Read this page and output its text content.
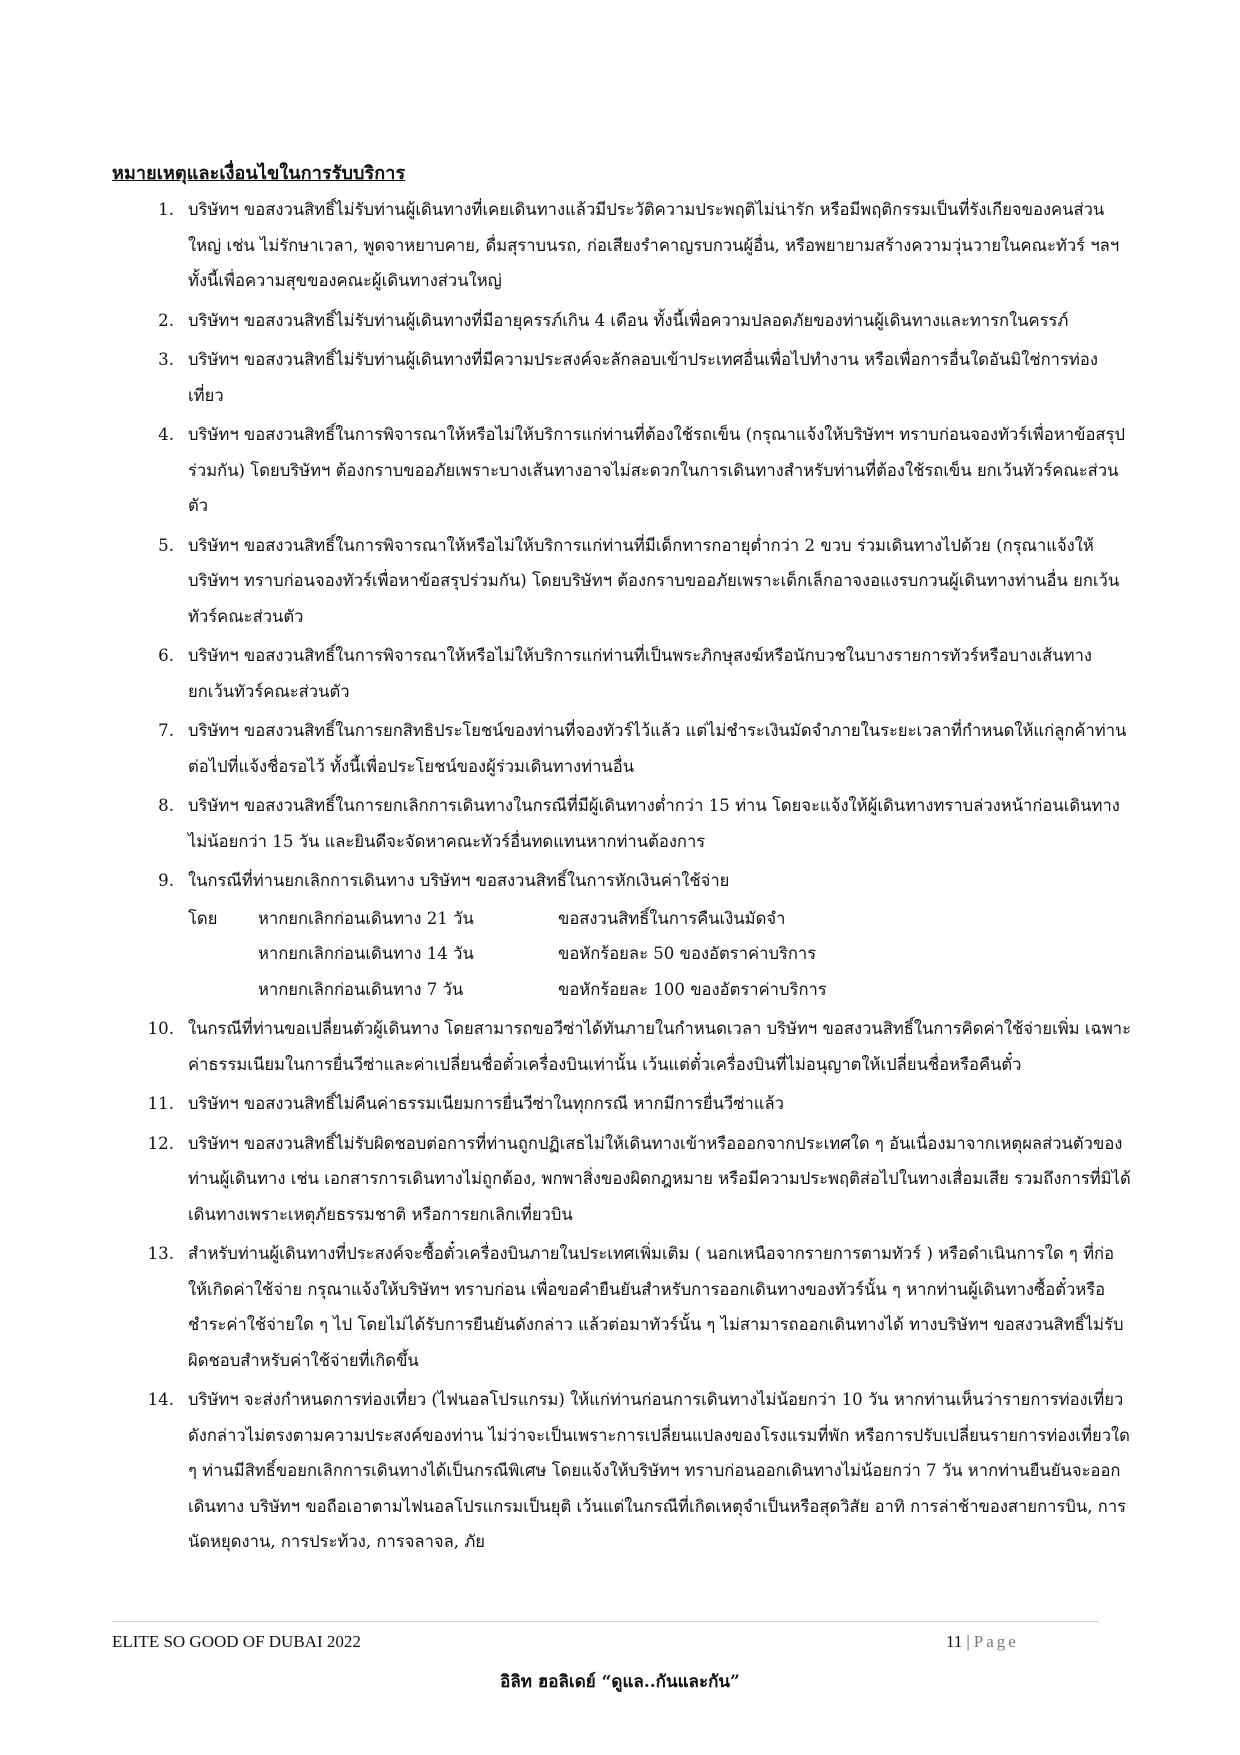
หมายเหตุและเงื่อนไขในการรับบริการ
1. บริษัทฯ ขอสงวนสิทธิ์ไม่รับท่านผู้เดินทางที่เคยเดินทางแล้วมีประวัติความประพฤติไม่น่ารัก หรือมีพฤติกรรมเป็นที่รังเกียจของคนส่วนใหญ่ เช่น ไม่รักษาเวลา, พูดจาหยาบคาย, ดื่มสุราบนรถ, ก่อเสียงรำคาญรบกวนผู้อื่น, หรือพยายามสร้างความวุ่นวายในคณะทัวร์ ฯลฯ ทั้งนี้เพื่อความสุขของคณะผู้เดินทางส่วนใหญ่
2. บริษัทฯ ขอสงวนสิทธิ์ไม่รับท่านผู้เดินทางที่มีอายุครรภ์เกิน 4 เดือน ทั้งนี้เพื่อความปลอดภัยของท่านผู้เดินทางและทารกในครรภ์
3. บริษัทฯ ขอสงวนสิทธิ์ไม่รับท่านผู้เดินทางที่มีความประสงค์จะลักลอบเข้าประเทศอื่นเพื่อไปทำงาน หรือเพื่อการอื่นใดอันมิใช่การท่องเที่ยว
4. บริษัทฯ ขอสงวนสิทธิ์ในการพิจารณาให้หรือไม่ให้บริการแก่ท่านที่ต้องใช้รถเข็น (กรุณาแจ้งให้บริษัทฯ ทราบก่อนจองทัวร์เพื่อหาข้อสรุปร่วมกัน) โดยบริษัทฯ ต้องกราบขออภัยเพราะบางเส้นทางอาจไม่สะดวกในการเดินทางสำหรับท่านที่ต้องใช้รถเข็น ยกเว้นทัวร์คณะส่วนตัว
5. บริษัทฯ ขอสงวนสิทธิ์ในการพิจารณาให้หรือไม่ให้บริการแก่ท่านที่มีเด็กทารกอายุต่ำกว่า 2 ขวบ ร่วมเดินทางไปด้วย (กรุณาแจ้งให้บริษัทฯ ทราบก่อนจองทัวร์เพื่อหาข้อสรุปร่วมกัน) โดยบริษัทฯ ต้องกราบขออภัยเพราะเด็กเล็กอาจงอแงรบกวนผู้เดินทางท่านอื่น ยกเว้นทัวร์คณะส่วนตัว
6. บริษัทฯ ขอสงวนสิทธิ์ในการพิจารณาให้หรือไม่ให้บริการแก่ท่านที่เป็นพระภิกษุสงฆ์หรือนักบวชในบางรายการทัวร์หรือบางเส้นทาง ยกเว้นทัวร์คณะส่วนตัว
7. บริษัทฯ ขอสงวนสิทธิ์ในการยกสิทธิประโยชน์ของท่านที่จองทัวร์ไว้แล้ว แต่ไม่ชำระเงินมัดจำภายในระยะเวลาที่กำหนดให้แก่ลูกค้าท่านต่อไปที่แจ้งชื่อรอไว้ ทั้งนี้เพื่อประโยชน์ของผู้ร่วมเดินทางท่านอื่น
8. บริษัทฯ ขอสงวนสิทธิ์ในการยกเลิกการเดินทางในกรณีที่มีผู้เดินทางต่ำกว่า 15 ท่าน โดยจะแจ้งให้ผู้เดินทางทราบล่วงหน้าก่อนเดินทางไม่น้อยกว่า 15 วัน และยินดีจะจัดหาคณะทัวร์อื่นทดแทนหากท่านต้องการ
9. ในกรณีที่ท่านยกเลิกการเดินทาง บริษัทฯ ขอสงวนสิทธิ์ในการหักเงินค่าใช้จ่าย
โดย	หากยกเลิกก่อนเดินทาง 21 วัน	ขอสงวนสิทธิ์ในการคืนเงินมัดจำ
หากยกเลิกก่อนเดินทาง 14 วัน	ขอหักร้อยละ 50 ของอัตราค่าบริการ
หากยกเลิกก่อนเดินทาง 7 วัน	ขอหักร้อยละ 100 ของอัตราค่าบริการ
10. ในกรณีที่ท่านขอเปลี่ยนตัวผู้เดินทาง โดยสามารถขอวีซ่าได้ทันภายในกำหนดเวลา บริษัทฯ ขอสงวนสิทธิ์ในการคิดค่าใช้จ่ายเพิ่ม เฉพาะค่าธรรมเนียมในการยื่นวีซ่าและค่าเปลี่ยนชื่อตั๋วเครื่องบินเท่านั้น เว้นแต่ตั๋วเครื่องบินที่ไม่อนุญาตให้เปลี่ยนชื่อหรือคืนตั๋ว
11. บริษัทฯ ขอสงวนสิทธิ์ไม่คืนค่าธรรมเนียมการยื่นวีซ่าในทุกกรณี หากมีการยื่นวีซ่าแล้ว
12. บริษัทฯ ขอสงวนสิทธิ์ไม่รับผิดชอบต่อการที่ท่านถูกปฏิเสธไม่ให้เดินทางเข้าหรือออกจากประเทศใด ๆ อันเนื่องมาจากเหตุผลส่วนตัวของท่านผู้เดินทาง เช่น เอกสารการเดินทางไม่ถูกต้อง, พกพาสิ่งของผิดกฎหมาย หรือมีความประพฤติส่อไปในทางเสื่อมเสีย รวมถึงการที่มิได้เดินทางเพราะเหตุภัยธรรมชาติ หรือการยกเลิกเที่ยวบิน
13. สำหรับท่านผู้เดินทางที่ประสงค์จะซื้อตั๋วเครื่องบินภายในประเทศเพิ่มเติม ( นอกเหนือจากรายการตามทัวร์ ) หรือดำเนินการใด ๆ ที่ก่อให้เกิดค่าใช้จ่าย กรุณาแจ้งให้บริษัทฯ ทราบก่อน เพื่อขอคำยืนยันสำหรับการออกเดินทางของทัวร์นั้น ๆ หากท่านผู้เดินทางซื้อตั๋วหรือชำระค่าใช้จ่ายใด ๆ ไป โดยไม่ได้รับการยืนยันดังกล่าว แล้วต่อมาทัวร์นั้น ๆ ไม่สามารถออกเดินทางได้ ทางบริษัทฯ ขอสงวนสิทธิ์ไม่รับผิดชอบสำหรับค่าใช้จ่ายที่เกิดขึ้น
14. บริษัทฯ จะส่งกำหนดการท่องเที่ยว (ไฟนอลโปรแกรม) ให้แก่ท่านก่อนการเดินทางไม่น้อยกว่า 10 วัน หากท่านเห็นว่ารายการท่องเที่ยวดังกล่าวไม่ตรงตามความประสงค์ของท่าน ไม่ว่าจะเป็นเพราะการเปลี่ยนแปลงของโรงแรมที่พัก หรือการปรับเปลี่ยนรายการท่องเที่ยวใด ๆ ท่านมีสิทธิ์ขอยกเลิกการเดินทางได้เป็นกรณีพิเศษ โดยแจ้งให้บริษัทฯ ทราบก่อนออกเดินทางไม่น้อยกว่า 7 วัน หากท่านยืนยันจะออกเดินทาง บริษัทฯ ขอถือเอาตามไฟนอลโปรแกรมเป็นยุติ เว้นแต่ในกรณีที่เกิดเหตุจำเป็นหรือสุดวิสัย อาทิ การล่าช้าของสายการบิน, การนัดหยุดงาน, การประท้วง, การจลาจล, ภัย
ELITE SO GOOD OF DUBAI 2022	11 | Page
อิลิท ฮอลิเดย์ “ดูแล..กันและกัน”
